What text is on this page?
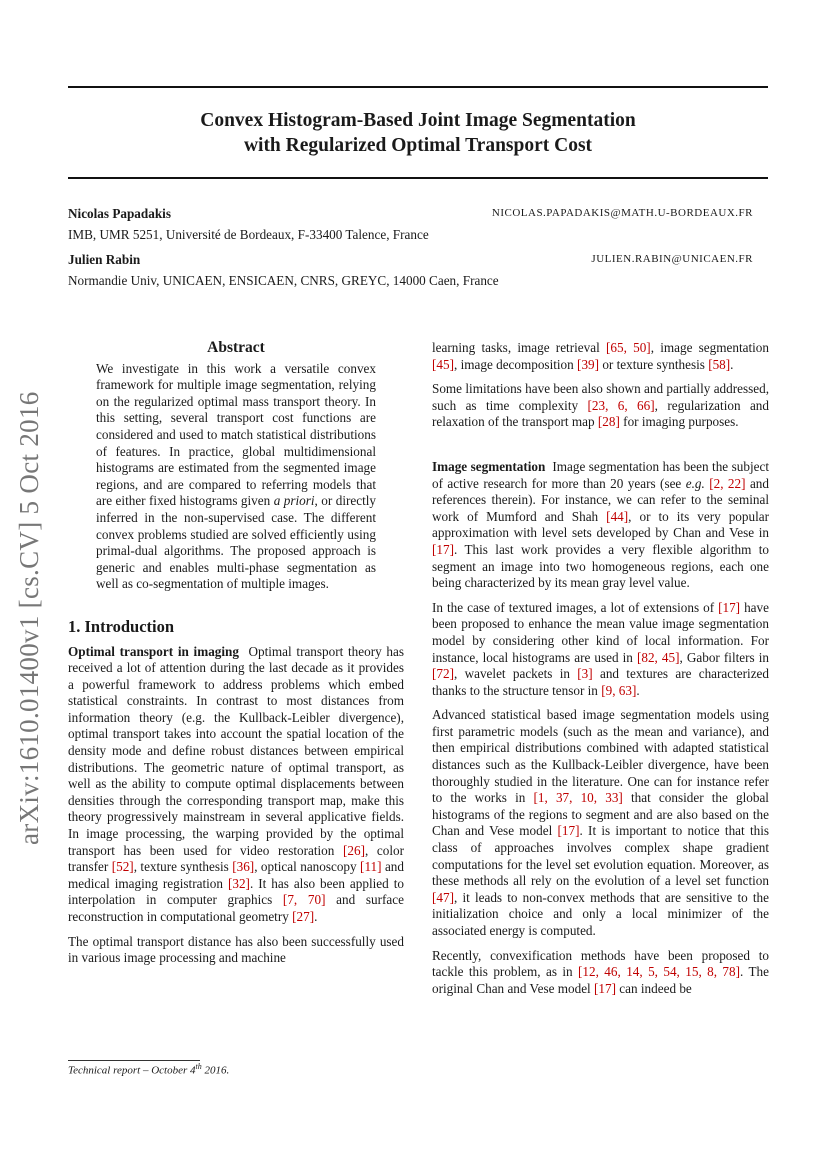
Convex Histogram-Based Joint Image Segmentation
with Regularized Optimal Transport Cost
Nicolas Papadakis	NICOLAS.PAPADAKIS@MATH.U-BORDEAUX.FR
IMB, UMR 5251, Université de Bordeaux, F-33400 Talence, France
Julien Rabin	JULIEN.RABIN@UNICAEN.FR
Normandie Univ, UNICAEN, ENSICAEN, CNRS, GREYC, 14000 Caen, France
arXiv:1610.01400v1 [cs.CV] 5 Oct 2016
Abstract

We investigate in this work a versatile convex framework for multiple image segmentation, relying on the regularized optimal mass transport theory. In this setting, several transport cost functions are considered and used to match statistical distributions of features. In practice, global multidimensional histograms are estimated from the segmented image regions, and are compared to referring models that are either fixed histograms given a priori, or directly inferred in the non-supervised case. The different convex problems studied are solved efficiently using primal-dual algorithms. The proposed approach is generic and enables multi-phase segmentation as well as co-segmentation of multiple images.

1. Introduction

Optimal transport in imaging Optimal transport theory has received a lot of attention during the last decade as it provides a powerful framework to address problems which embed statistical constraints. In contrast to most distances from information theory (e.g. the Kullback-Leibler divergence), optimal transport takes into account the spatial location of the density mode and define robust distances between empirical distributions. The geometric nature of optimal transport, as well as the ability to compute optimal displacements between densities through the corresponding transport map, make this theory progressively mainstream in several applicative fields. In image processing, the warping provided by the optimal transport has been used for video restoration [26], color transfer [52], texture synthesis [36], optical nanoscopy [11] and medical imaging registration [32]. It has also been applied to interpolation in computer graphics [7, 70] and surface reconstruction in computational geometry [27].

The optimal transport distance has also been successfully used in various image processing and machine

learning tasks, image retrieval [65, 50], image segmentation [45], image decomposition [39] or texture synthesis [58].

Some limitations have been also shown and partially addressed, such as time complexity [23, 6, 66], regularization and relaxation of the transport map [28] for imaging purposes.

Image segmentation Image segmentation has been the subject of active research for more than 20 years (see e.g. [2, 22] and references therein). For instance, we can refer to the seminal work of Mumford and Shah [44], or to its very popular approximation with level sets developed by Chan and Vese in [17]. This last work provides a very flexible algorithm to segment an image into two homogeneous regions, each one being characterized by its mean gray level value.

In the case of textured images, a lot of extensions of [17] have been proposed to enhance the mean value image segmentation model by considering other kind of local information. For instance, local histograms are used in [82, 45], Gabor filters in [72], wavelet packets in [3] and textures are characterized thanks to the structure tensor in [9, 63].

Advanced statistical based image segmentation models using first parametric models (such as the mean and variance), and then empirical distributions combined with adapted statistical distances such as the Kullback-Leibler divergence, have been thoroughly studied in the literature. One can for instance refer to the works in [1, 37, 10, 33] that consider the global histograms of the regions to segment and are also based on the Chan and Vese model [17]. It is important to notice that this class of approaches involves complex shape gradient computations for the level set evolution equation. Moreover, as these methods all rely on the evolution of a level set function [47], it leads to non-convex methods that are sensitive to the initialization choice and only a local minimizer of the associated energy is computed.

Recently, convexification methods have been proposed to tackle this problem, as in [12, 46, 14, 5, 54, 15, 8, 78]. The original Chan and Vese model [17] can indeed be

Technical report – October 4th 2016.
